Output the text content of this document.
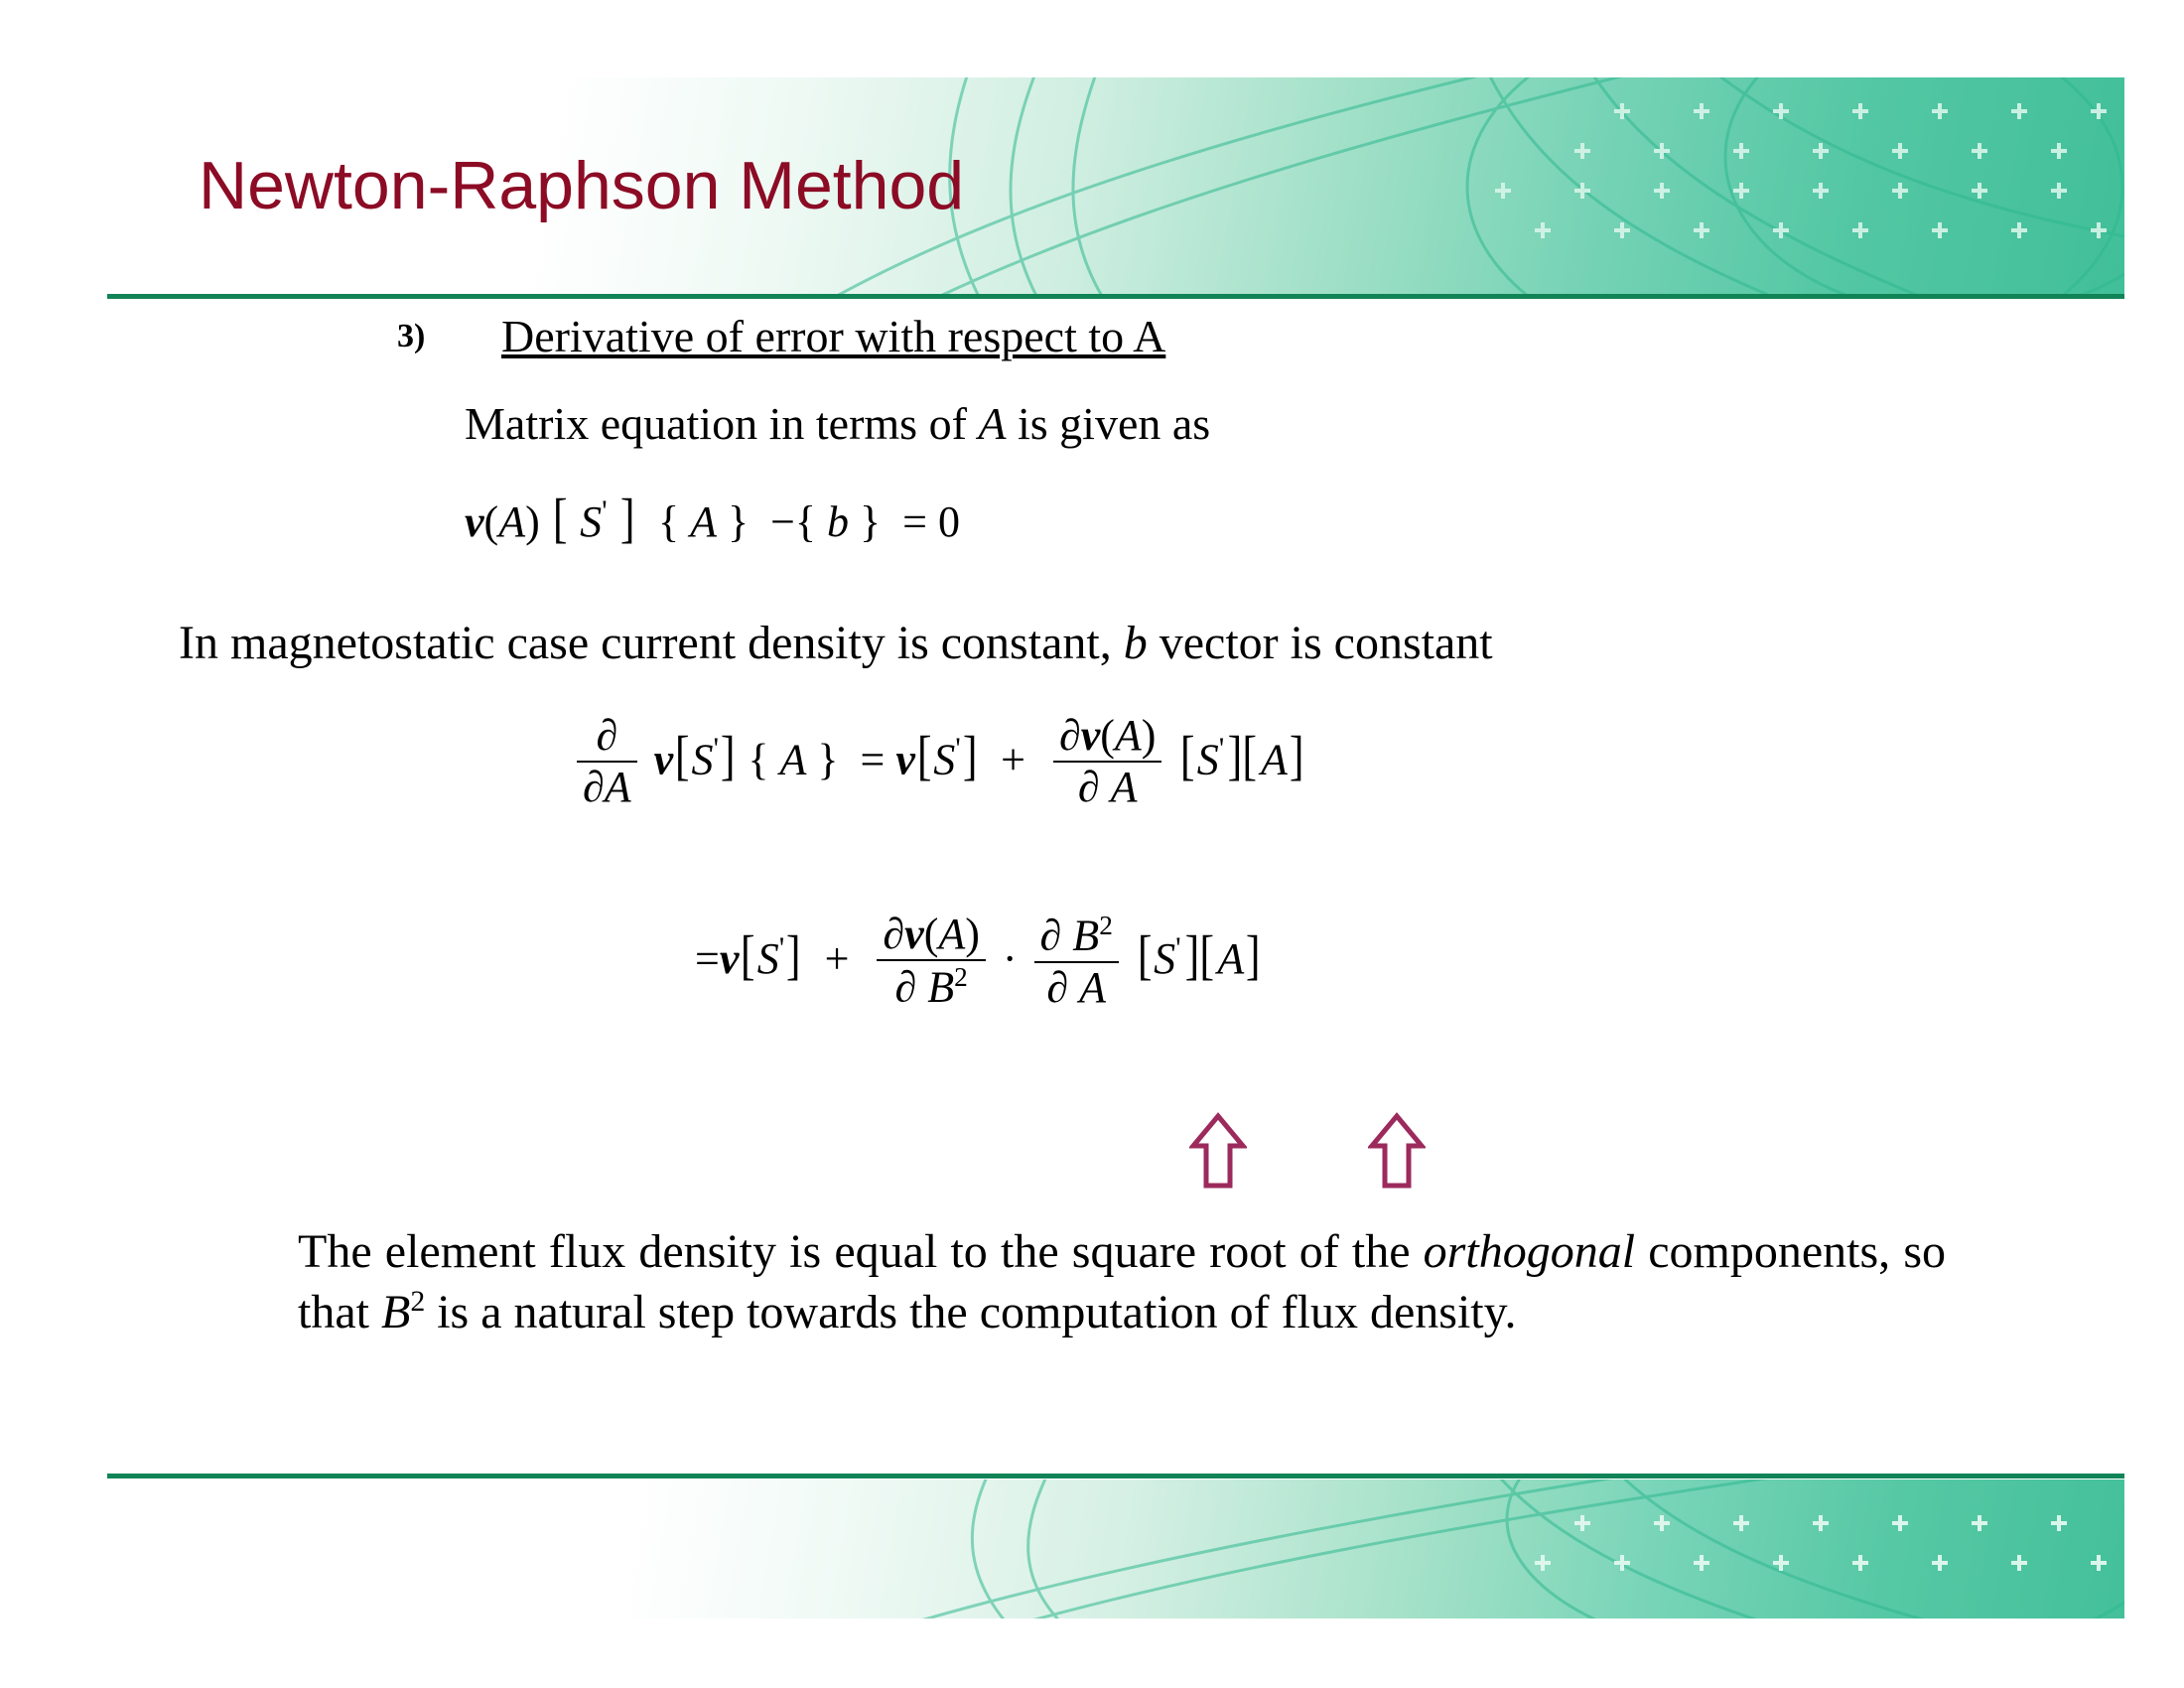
Newton-Raphson Method
3) Derivative of error with respect to A
Matrix equation in terms of A is given as
ν(A) [ S' ] { A }  −{ b }  = 0
In magnetostatic case current density is constant, b vector is constant
$\frac{\partial}{\partial A} \nu[S']$ { A }  = $\nu[S'] + \frac{\partial\nu(A)}{\partial A} [S'][A]$
$=\nu[S'] + \frac{\partial\nu(A)}{\partial B^2} \cdot \frac{\partial B^2}{\partial A} [S'][A]$
The element flux density is equal to the square root of the orthogonal components, so that $B^2$ is a natural step towards the computation of flux density.
